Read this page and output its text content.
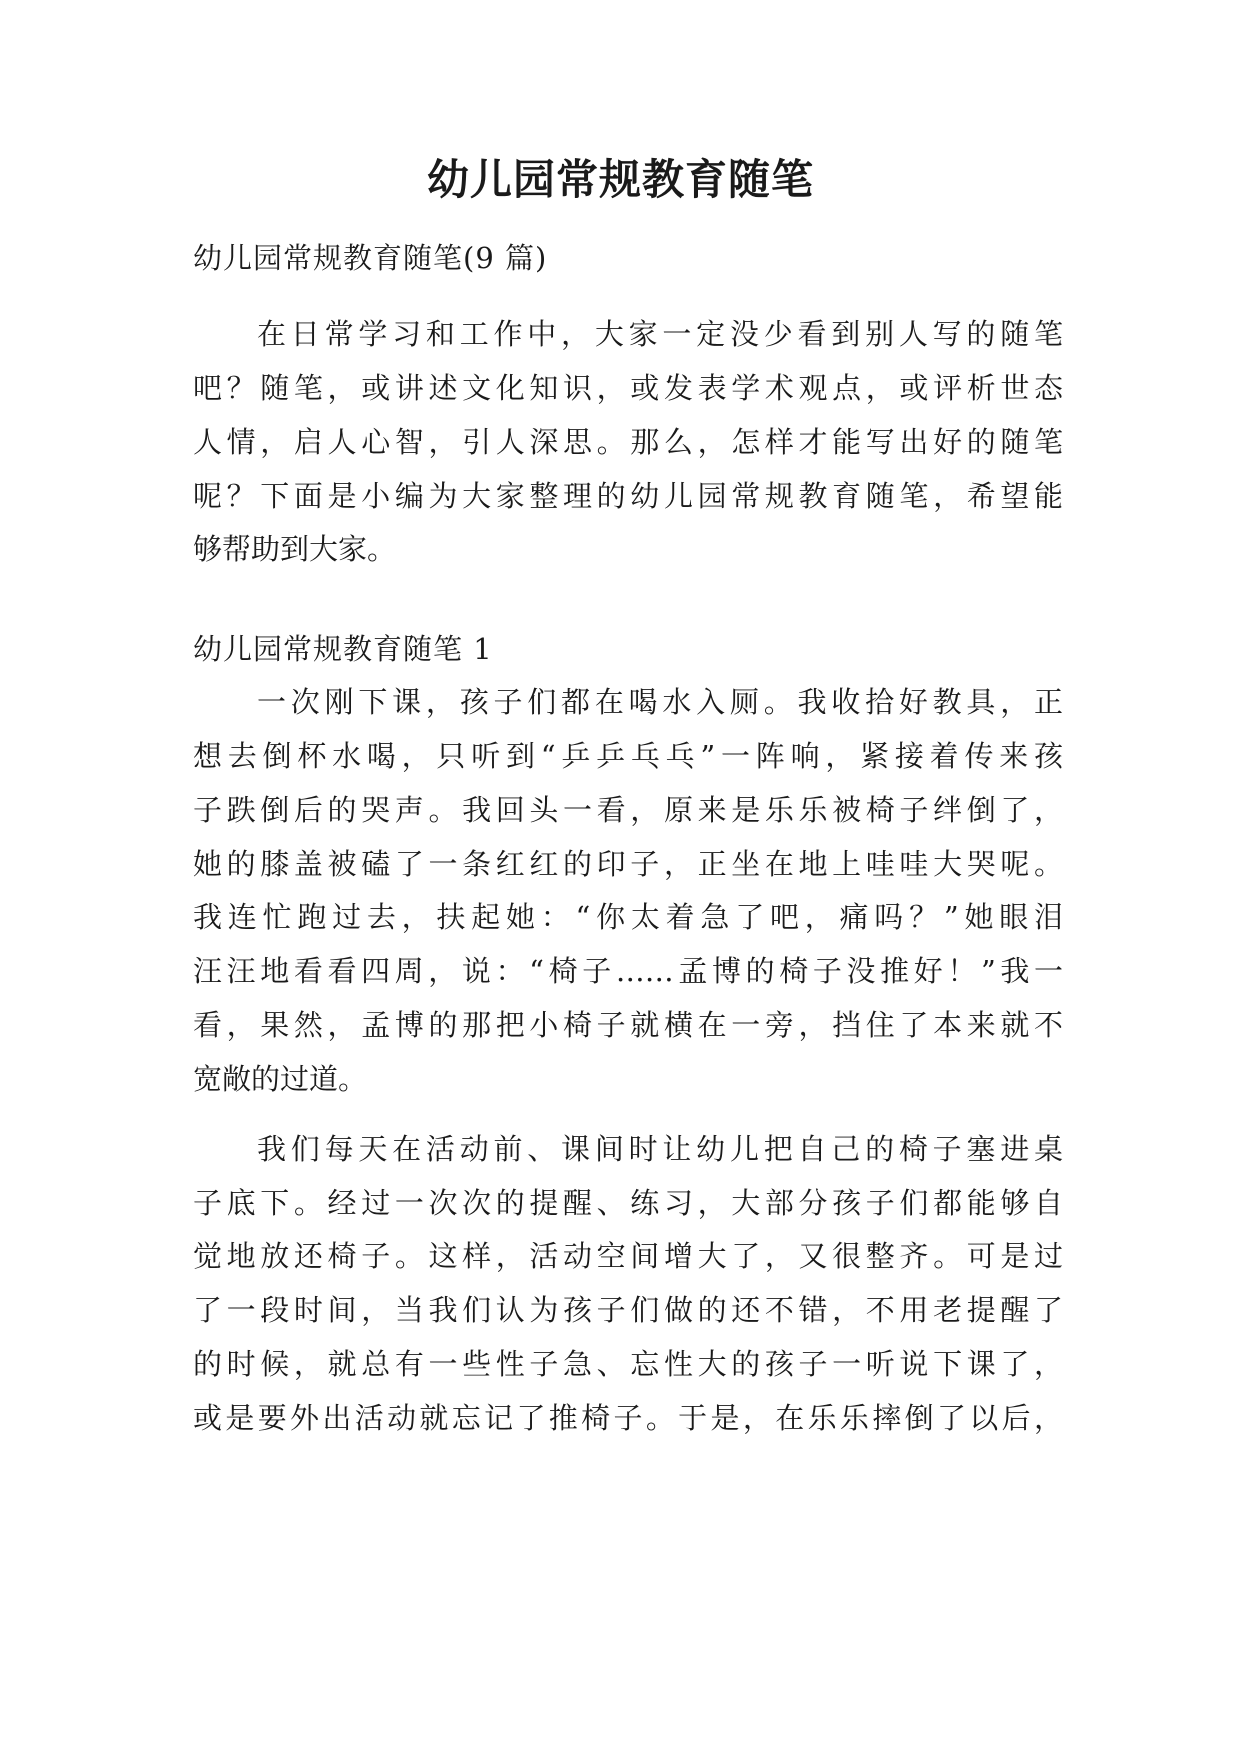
幼儿园常规教育随笔
幼儿园常规教育随笔(9 篇)
在日常学习和工作中，大家一定没少看到别人写的随笔
吧？随笔，或讲述文化知识，或发表学术观点，或评析世态
人情，启人心智，引人深思。那么，怎样才能写出好的随笔
呢？下面是小编为大家整理的幼儿园常规教育随笔，希望能
够帮助到大家。
幼儿园常规教育随笔 1
一次刚下课，孩子们都在喝水入厕。我收拾好教具，正
想去倒杯水喝，只听到“乒乒乓乓”一阵响，紧接着传来孩
子跌倒后的哭声。我回头一看，原来是乐乐被椅子绊倒了，
她的膝盖被磕了一条红红的印子，正坐在地上哇哇大哭呢。
我连忙跑过去，扶起她：“你太着急了吧，痛吗？”她眼泪
汪汪地看看四周，说：“椅子……孟博的椅子没推好！”我一
看，果然，孟博的那把小椅子就横在一旁，挡住了本来就不
宽敞的过道。
我们每天在活动前、课间时让幼儿把自己的椅子塞进桌
子底下。经过一次次的提醒、练习，大部分孩子们都能够自
觉地放还椅子。这样，活动空间增大了，又很整齐。可是过
了一段时间，当我们认为孩子们做的还不错，不用老提醒了
的时候，就总有一些性子急、忘性大的孩子一听说下课了，
或是要外出活动就忘记了推椅子。于是，在乐乐摔倒了以后，
